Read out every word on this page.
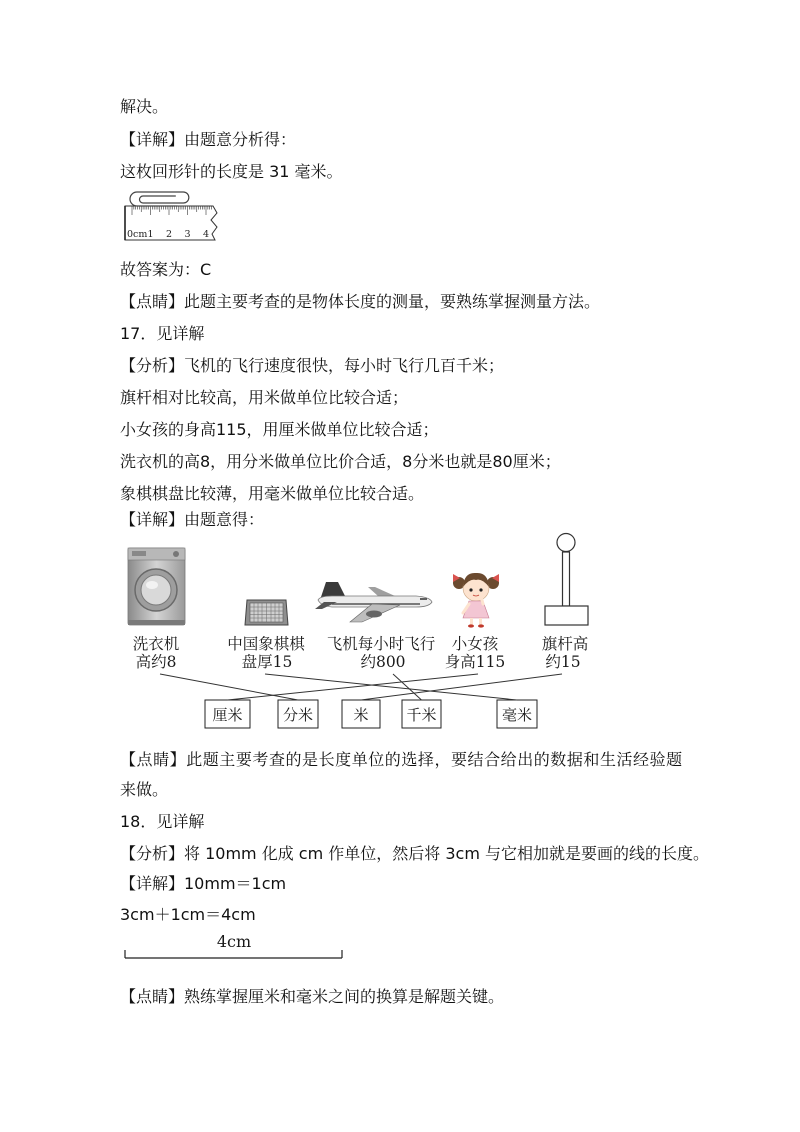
解决。
【详解】由题意分析得：
这枚回形针的长度是 31 毫米。
0cm 1 2 3 4
故答案为：C
【点睛】此题主要考查的是物体长度的测量，要熟练掌握测量方法。
17．见详解
【分析】飞机的飞行速度很快，每小时飞行几百千米；
旗杆相对比较高，用米做单位比较合适；
小女孩的身高115，用厘米做单位比较合适；
洗衣机的高8，用分米做单位比价合适，8分米也就是80厘米；
象棋棋盘比较薄，用毫米做单位比较合适。
【详解】由题意得：
洗衣机
高约8
中国象棋棋
盘厚15
飞机每小时飞行
约800
小女孩
身高115
旗杆高
约15
厘米	分米	米	千米	毫米
【点睛】此题主要考查的是长度单位的选择，要结合给出的数据和生活经验题
来做。
18．见详解
【分析】将 10mm 化成 cm 作单位，然后将 3cm 与它相加就是要画的线的长度。
【详解】10mm＝1cm
3cm＋1cm＝4cm
4cm
【点睛】熟练掌握厘米和毫米之间的换算是解题关键。
